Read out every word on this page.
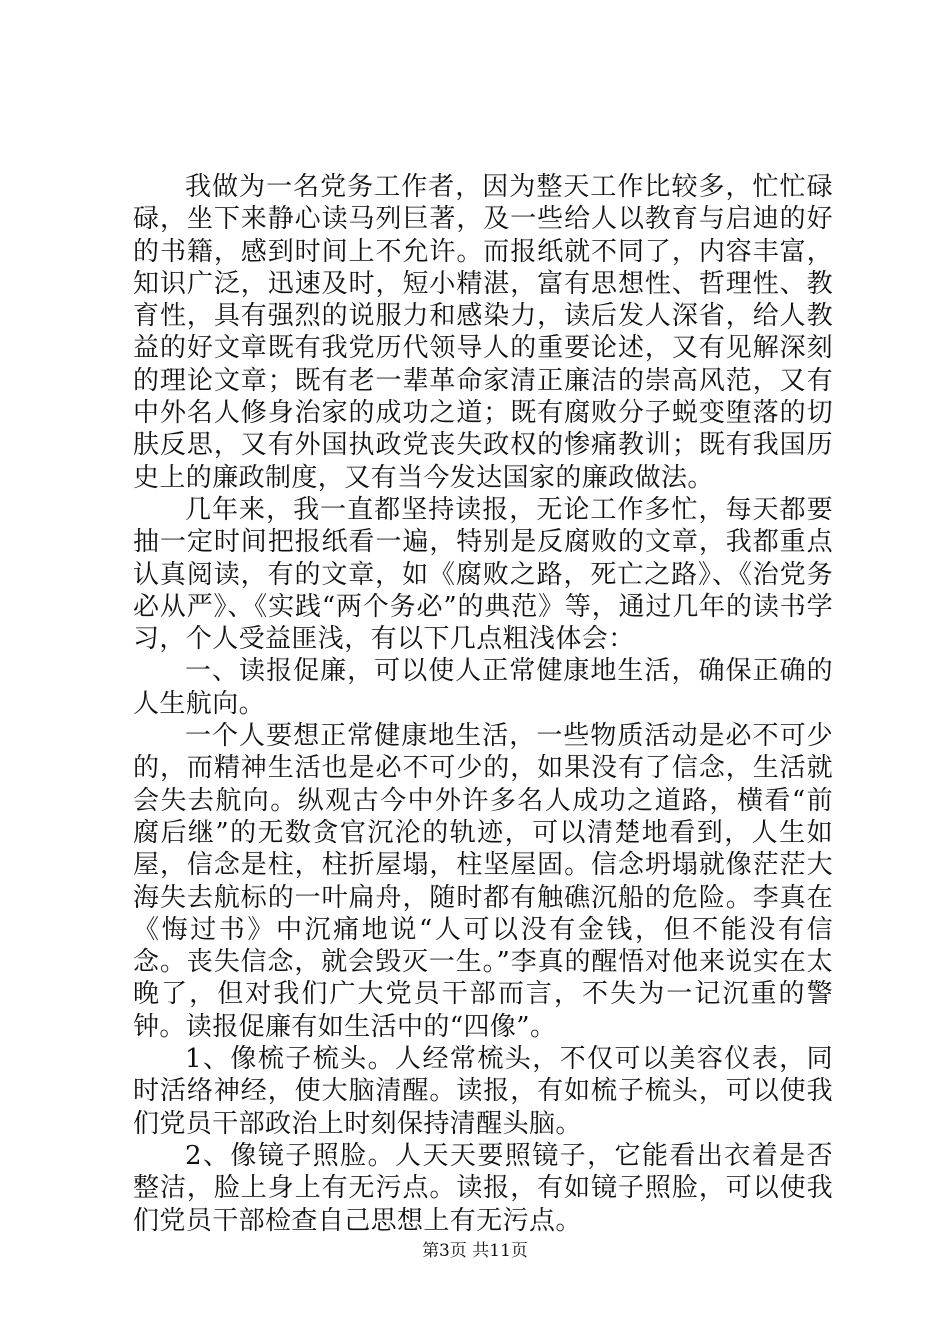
我做为一名党务工作者，因为整天工作比较多，忙忙碌碌，坐下来静心读马列巨著，及一些给人以教育与启迪的好的书籍，感到时间上不允许。而报纸就不同了，内容丰富，知识广泛，迅速及时，短小精湛，富有思想性、哲理性、教育性，具有强烈的说服力和感染力，读后发人深省，给人教益的好文章既有我党历代领导人的重要论述，又有见解深刻的理论文章；既有老一辈革命家清正廉洁的崇高风范，又有中外名人修身治家的成功之道；既有腐败分子蜕变堕落的切肤反思，又有外国执政党丧失政权的惨痛教训；既有我国历史上的廉政制度，又有当今发达国家的廉政做法。

几年来，我一直都坚持读报，无论工作多忙，每天都要抽一定时间把报纸看一遍，特别是反腐败的文章，我都重点认真阅读，有的文章，如《腐败之路，死亡之路》、《治党务必从严》、《实践“两个务必”的典范》等，通过几年的读书学习，个人受益匪浅，有以下几点粗浅体会：

一、读报促廉，可以使人正常健康地生活，确保正确的人生航向。

一个人要想正常健康地生活，一些物质活动是必不可少的，而精神生活也是必不可少的，如果没有了信念，生活就会失去航向。纵观古今中外许多名人成功之道路，横看“前腐后继”的无数贪官沉沦的轨迹，可以清楚地看到，人生如屋，信念是柱，柱折屋塌，柱坚屋固。信念坍塌就像茫茫大海失去航标的一叶扁舟，随时都有触礁沉船的危险。李真在《悔过书》中沉痛地说“人可以没有金钱，但不能没有信念。丧失信念，就会毁灭一生。”李真的醒悟对他来说实在太晚了，但对我们广大党员干部而言，不失为一记沉重的警钟。读报促廉有如生活中的“四像”。

1、像梳子梳头。人经常梳头，不仅可以美容仪表，同时活络神经，使大脑清醒。读报，有如梳子梳头，可以使我们党员干部政治上时刻保持清醒头脑。

2、像镜子照脸。人天天要照镜子，它能看出衣着是否整洁，脸上身上有无污点。读报，有如镜子照脸，可以使我们党员干部检查自己思想上有无污点。

第3页 共11页
